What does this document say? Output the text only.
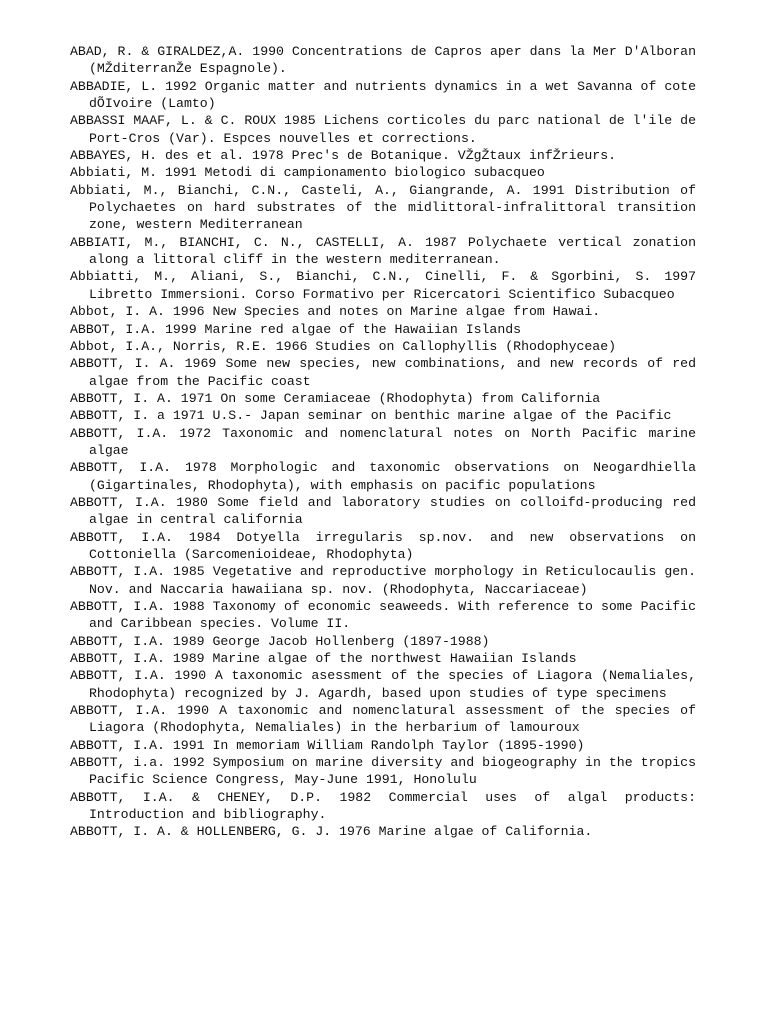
ABAD, R. & GIRALDEZ,A. 1990 Concentrations de Capros aper dans la Mer D'Alboran (MŽditerranŽe Espagnole).

ABBADIE, L. 1992 Organic matter and nutrients dynamics in a wet Savanna of cote dÕIvoire (Lamto)

ABBASSI MAAF, L. & C. ROUX 1985 Lichens corticoles du parc national de l'ile de Port-Cros (Var). Espces nouvelles et corrections.

ABBAYES, H. des et al. 1978 Prec's de Botanique. VŽgŽtaux infŽrieurs.

Abbiati, M. 1991 Metodi di campionamento biologico subacqueo

Abbiati, M., Bianchi, C.N., Casteli, A., Giangrande, A. 1991 Distribution of Polychaetes on hard substrates of the midlittoral-infralittoral transition zone, western Mediterranean

ABBIATI, M., BIANCHI, C. N., CASTELLI, A. 1987 Polychaete vertical zonation along a littoral cliff in the western mediterranean.

Abbiatti, M., Aliani, S., Bianchi, C.N., Cinelli, F. & Sgorbini, S. 1997 Libretto Immersioni. Corso Formativo per Ricercatori Scientifico Subacqueo

Abbot, I. A. 1996 New Species and notes on Marine algae from Hawai.

ABBOT, I.A. 1999 Marine red algae of the Hawaiian Islands

Abbot, I.A., Norris, R.E. 1966 Studies on Callophyllis (Rhodophyceae)

ABBOTT, I. A. 1969 Some new species, new combinations, and new records of red algae from the Pacific coast

ABBOTT, I. A. 1971 On some Ceramiaceae (Rhodophyta) from California

ABBOTT, I. a 1971 U.S.- Japan seminar on benthic marine algae of the Pacific

ABBOTT, I.A. 1972 Taxonomic and nomenclatural notes on North Pacific marine algae

ABBOTT, I.A. 1978 Morphologic and taxonomic observations on Neogardhiella (Gigartinales, Rhodophyta), with emphasis on pacific populations

ABBOTT, I.A. 1980 Some field and laboratory studies on colloifd-producing red algae in central california

ABBOTT, I.A. 1984 Dotyella irregularis sp.nov. and new observations on Cottoniella (Sarcomenioideae, Rhodophyta)

ABBOTT, I.A. 1985 Vegetative and reproductive morphology in Reticulocaulis gen. Nov. and Naccaria hawaiiana sp. nov. (Rhodophyta, Naccariaceae)

ABBOTT, I.A. 1988 Taxonomy of economic seaweeds. With reference to some Pacific and Caribbean species. Volume II.

ABBOTT, I.A. 1989 George Jacob Hollenberg (1897-1988)

ABBOTT, I.A. 1989 Marine algae of the northwest Hawaiian Islands

ABBOTT, I.A. 1990 A taxonomic asessment of the species of Liagora (Nemaliales, Rhodophyta) recognized by J. Agardh, based upon studies of type specimens

ABBOTT, I.A. 1990 A taxonomic and nomenclatural assessment of the species of Liagora (Rhodophyta, Nemaliales) in the herbarium of lamouroux

ABBOTT, I.A. 1991 In memoriam William Randolph Taylor (1895-1990)

ABBOTT, i.a. 1992 Symposium on marine diversity and biogeography in the tropics Pacific Science Congress, May-June 1991, Honolulu

ABBOTT, I.A. & CHENEY, D.P. 1982 Commercial uses of algal products: Introduction and bibliography.

ABBOTT, I. A. & HOLLENBERG, G. J. 1976 Marine algae of California.
